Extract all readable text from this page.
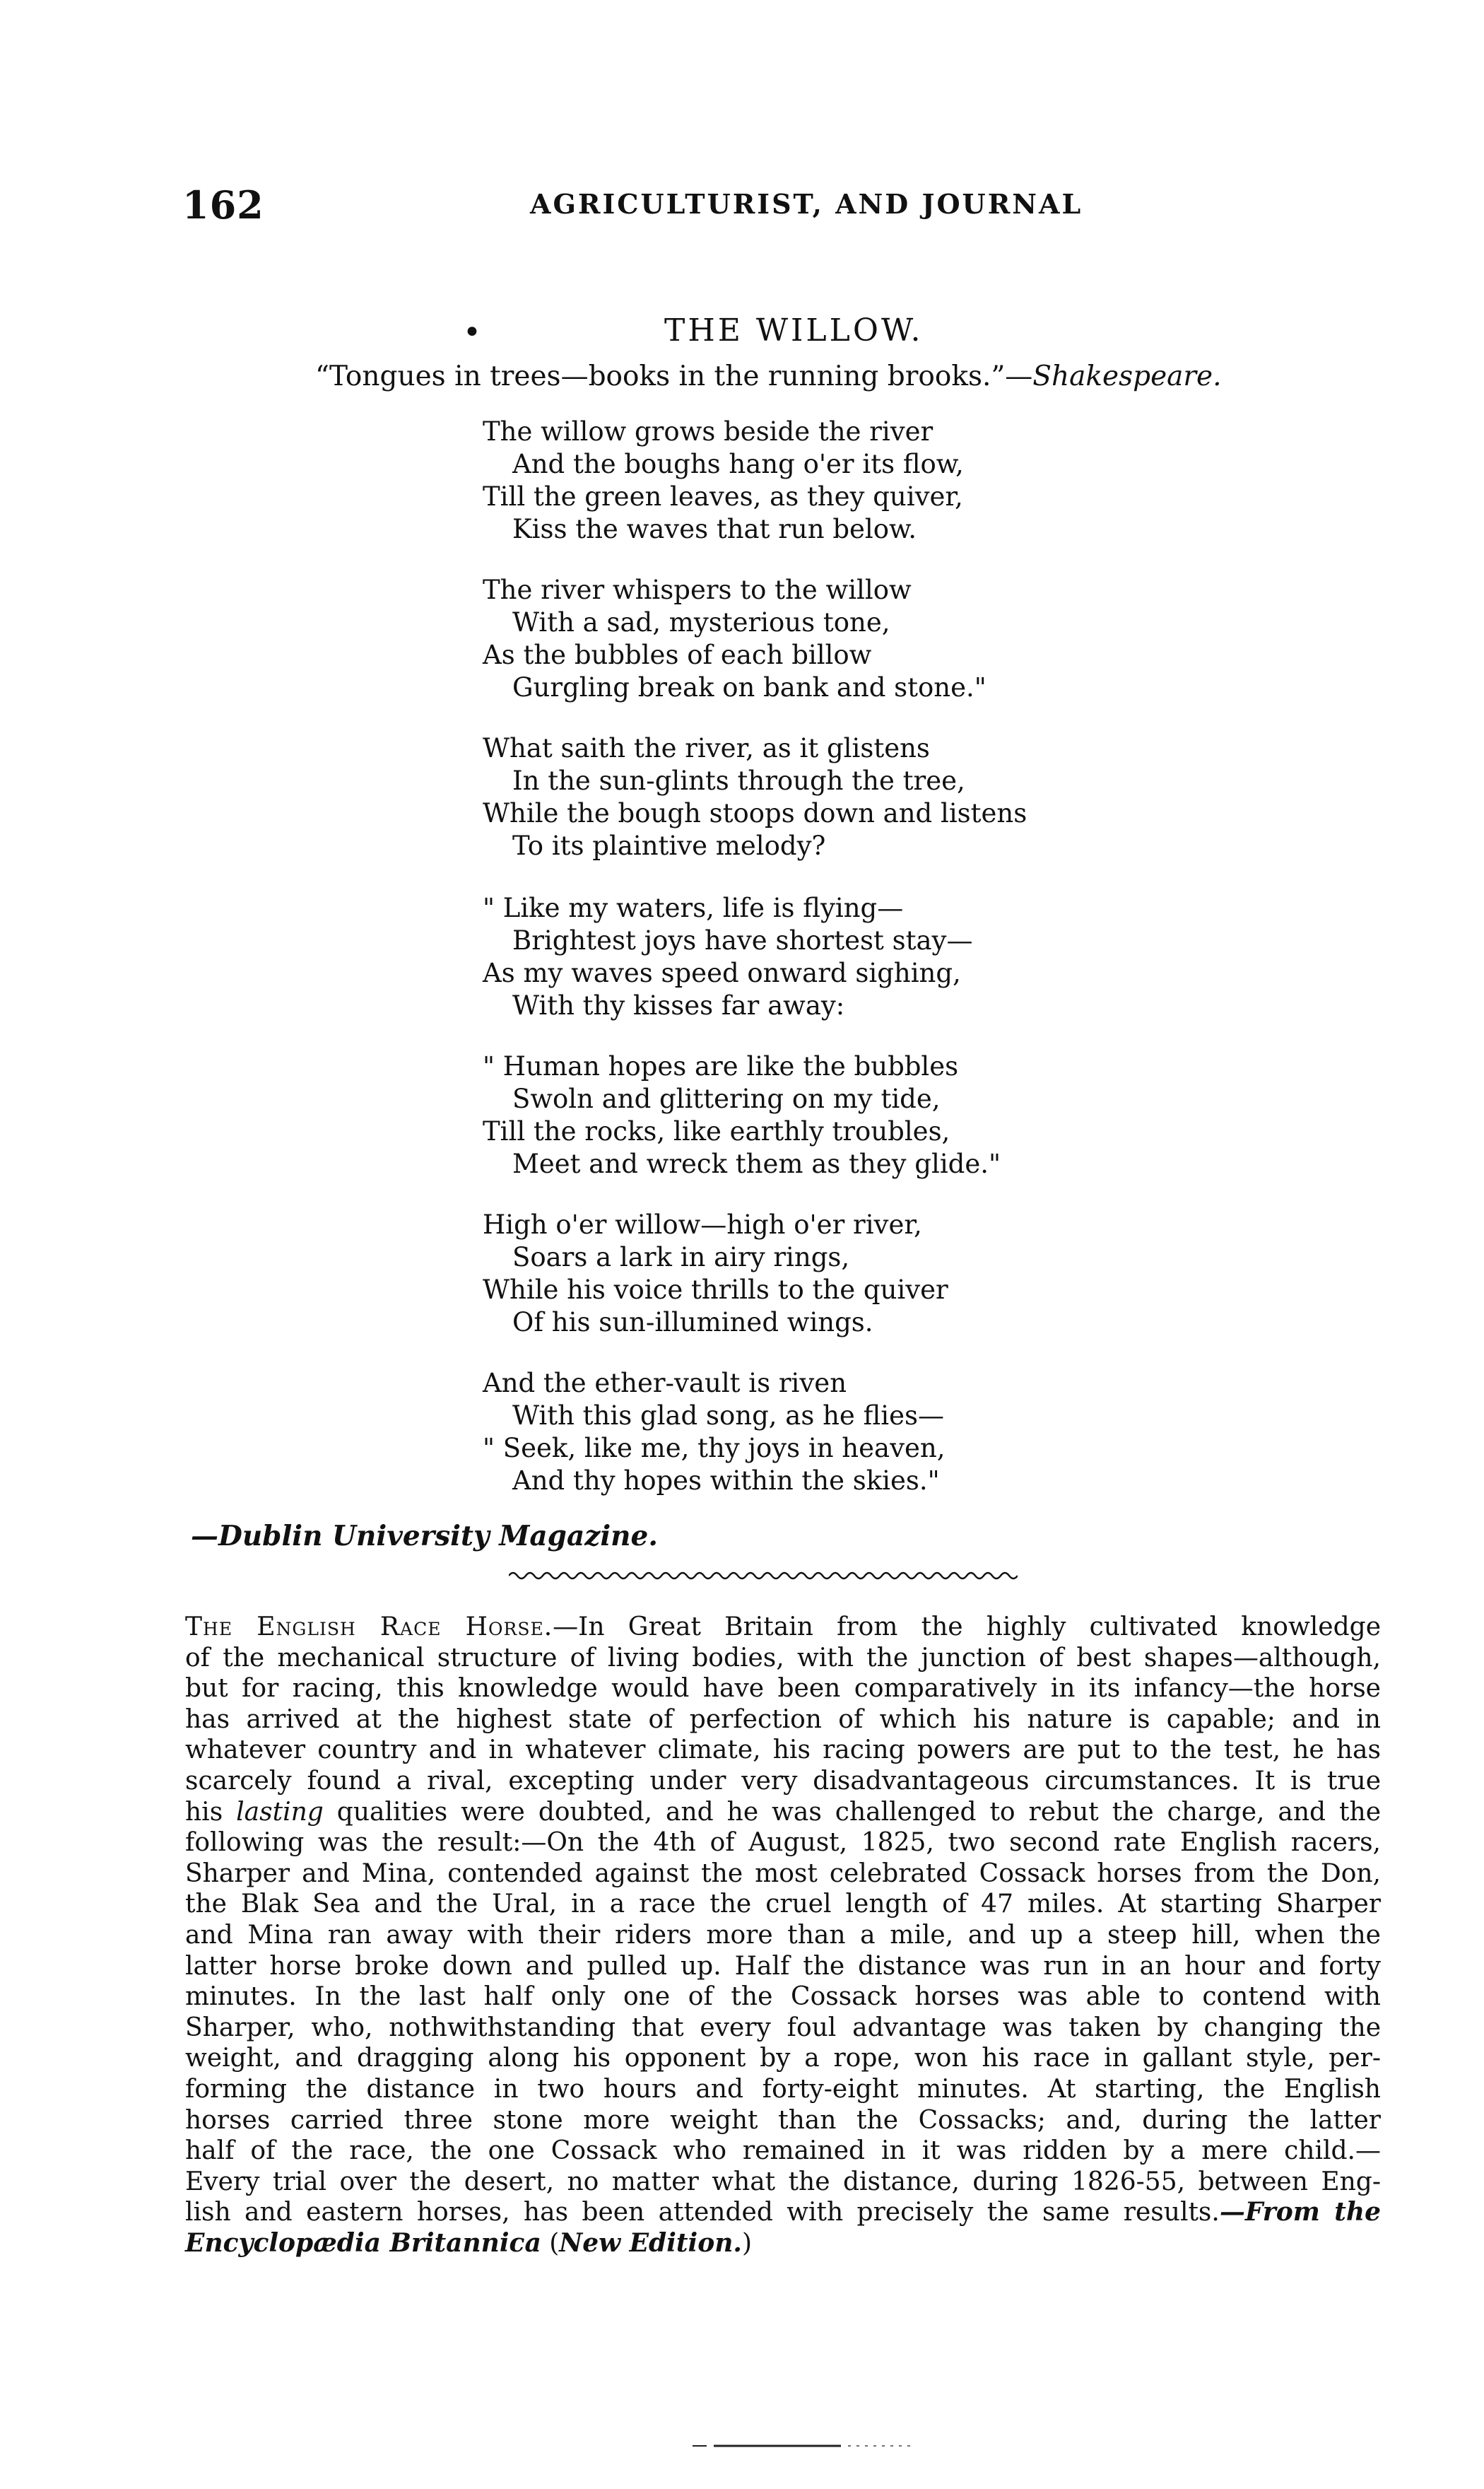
162	AGRICULTURIST, AND JOURNAL

•	THE WILLOW.

“Tongues in trees—books in the running brooks.”—Shakespeare.

The willow grows beside the river
And the boughs hang o'er its flow,
Till the green leaves, as they quiver,
Kiss the waves that run below.
The river whispers to the willow
With a sad, mysterious tone,
As the bubbles of each billow
Gurgling break on bank and stone."
What saith the river, as it glistens
In the sun-glints through the tree,
While the bough stoops down and listens
To its plaintive melody?
" Like my waters, life is flying—
Brightest joys have shortest stay—
As my waves speed onward sighing,
With thy kisses far away:
" Human hopes are like the bubbles
Swoln and glittering on my tide,
Till the rocks, like earthly troubles,
Meet and wreck them as they glide."
High o'er willow—high o'er river,
Soars a lark in airy rings,
While his voice thrills to the quiver
Of his sun-illumined wings.
And the ether-vault is riven
With this glad song, as he flies—
" Seek, like me, thy joys in heaven,
And thy hopes within the skies."

—Dublin University Magazine.

The English Race Horse.—In Great Britain from the highly cultivated knowledge
of the mechanical structure of living bodies, with the junction of best shapes—although,
but for racing, this knowledge would have been comparatively in its infancy—the horse
has arrived at the highest state of perfection of which his nature is capable; and in
whatever country and in whatever climate, his racing powers are put to the test, he has
scarcely found a rival, excepting under very disadvantageous circumstances. It is true
his lasting qualities were doubted, and he was challenged to rebut the charge, and the
following was the result:—On the 4th of August, 1825, two second rate English racers,
Sharper and Mina, contended against the most celebrated Cossack horses from the Don,
the Blak Sea and the Ural, in a race the cruel length of 47 miles. At starting Sharper
and Mina ran away with their riders more than a mile, and up a steep hill, when the
latter horse broke down and pulled up. Half the distance was run in an hour and forty
minutes. In the last half only one of the Cossack horses was able to contend with
Sharper, who, nothwithstanding that every foul advantage was taken by changing the
weight, and dragging along his opponent by a rope, won his race in gallant style, per-
forming the distance in two hours and forty-eight minutes. At starting, the English
horses carried three stone more weight than the Cossacks; and, during the latter
half of the race, the one Cossack who remained in it was ridden by a mere child.—
Every trial over the desert, no matter what the distance, during 1826-55, between Eng-
lish and eastern horses, has been attended with precisely the same results.—From the
Encyclopædia Britannica (New Edition.)
